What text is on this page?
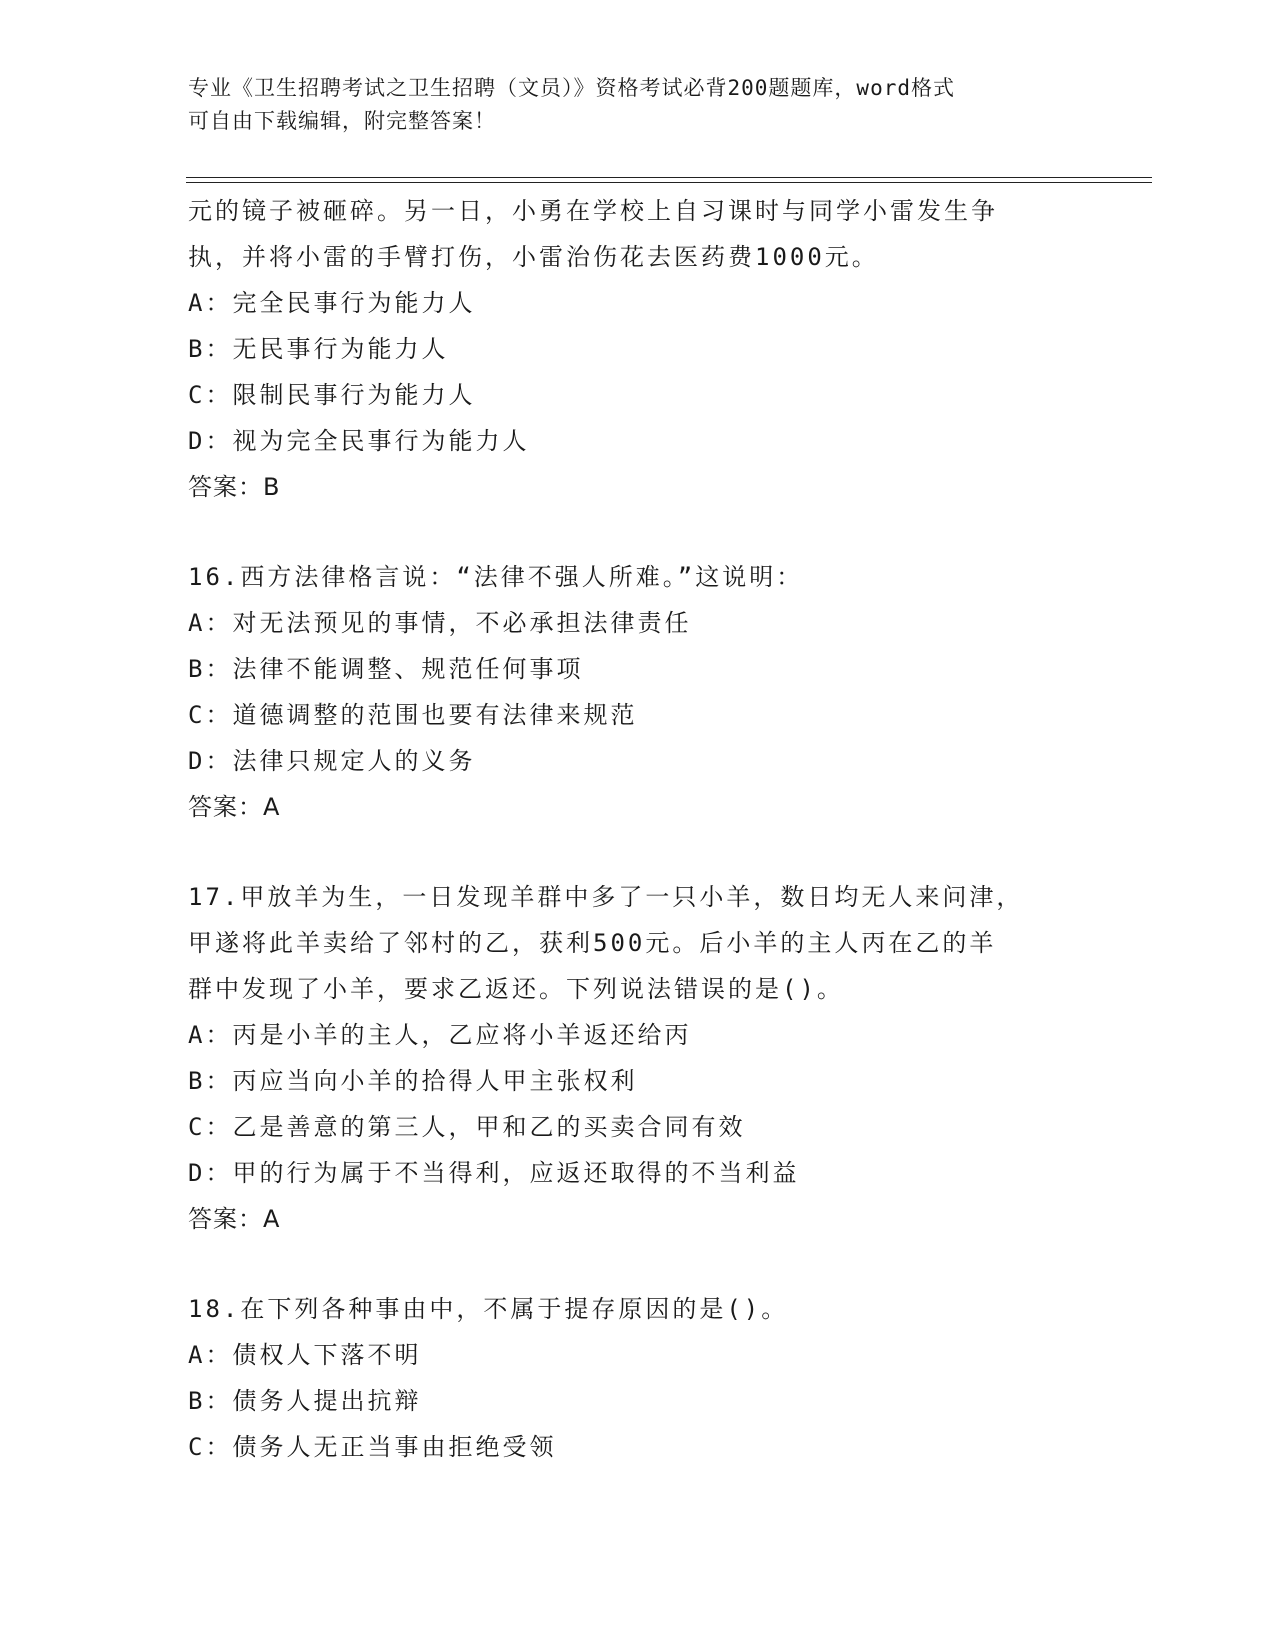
专业《卫生招聘考试之卫生招聘（文员）》资格考试必背200题题库，word格式
可自由下载编辑，附完整答案！
元的镜子被砸碎。另一日，小勇在学校上自习课时与同学小雷发生争
执，并将小雷的手臂打伤，小雷治伤花去医药费1000元。
A：完全民事行为能力人
B：无民事行为能力人
C：限制民事行为能力人
D：视为完全民事行为能力人
答案：B
16.西方法律格言说：“法律不强人所难。”这说明：
A：对无法预见的事情，不必承担法律责任
B：法律不能调整、规范任何事项
C：道德调整的范围也要有法律来规范
D：法律只规定人的义务
答案：A
17.甲放羊为生，一日发现羊群中多了一只小羊，数日均无人来问津，
甲遂将此羊卖给了邻村的乙，获利500元。后小羊的主人丙在乙的羊
群中发现了小羊，要求乙返还。下列说法错误的是()。
A：丙是小羊的主人，乙应将小羊返还给丙
B：丙应当向小羊的拾得人甲主张权利
C：乙是善意的第三人，甲和乙的买卖合同有效
D：甲的行为属于不当得利，应返还取得的不当利益
答案：A
18.在下列各种事由中，不属于提存原因的是()。
A：债权人下落不明
B：债务人提出抗辩
C：债务人无正当事由拒绝受领
